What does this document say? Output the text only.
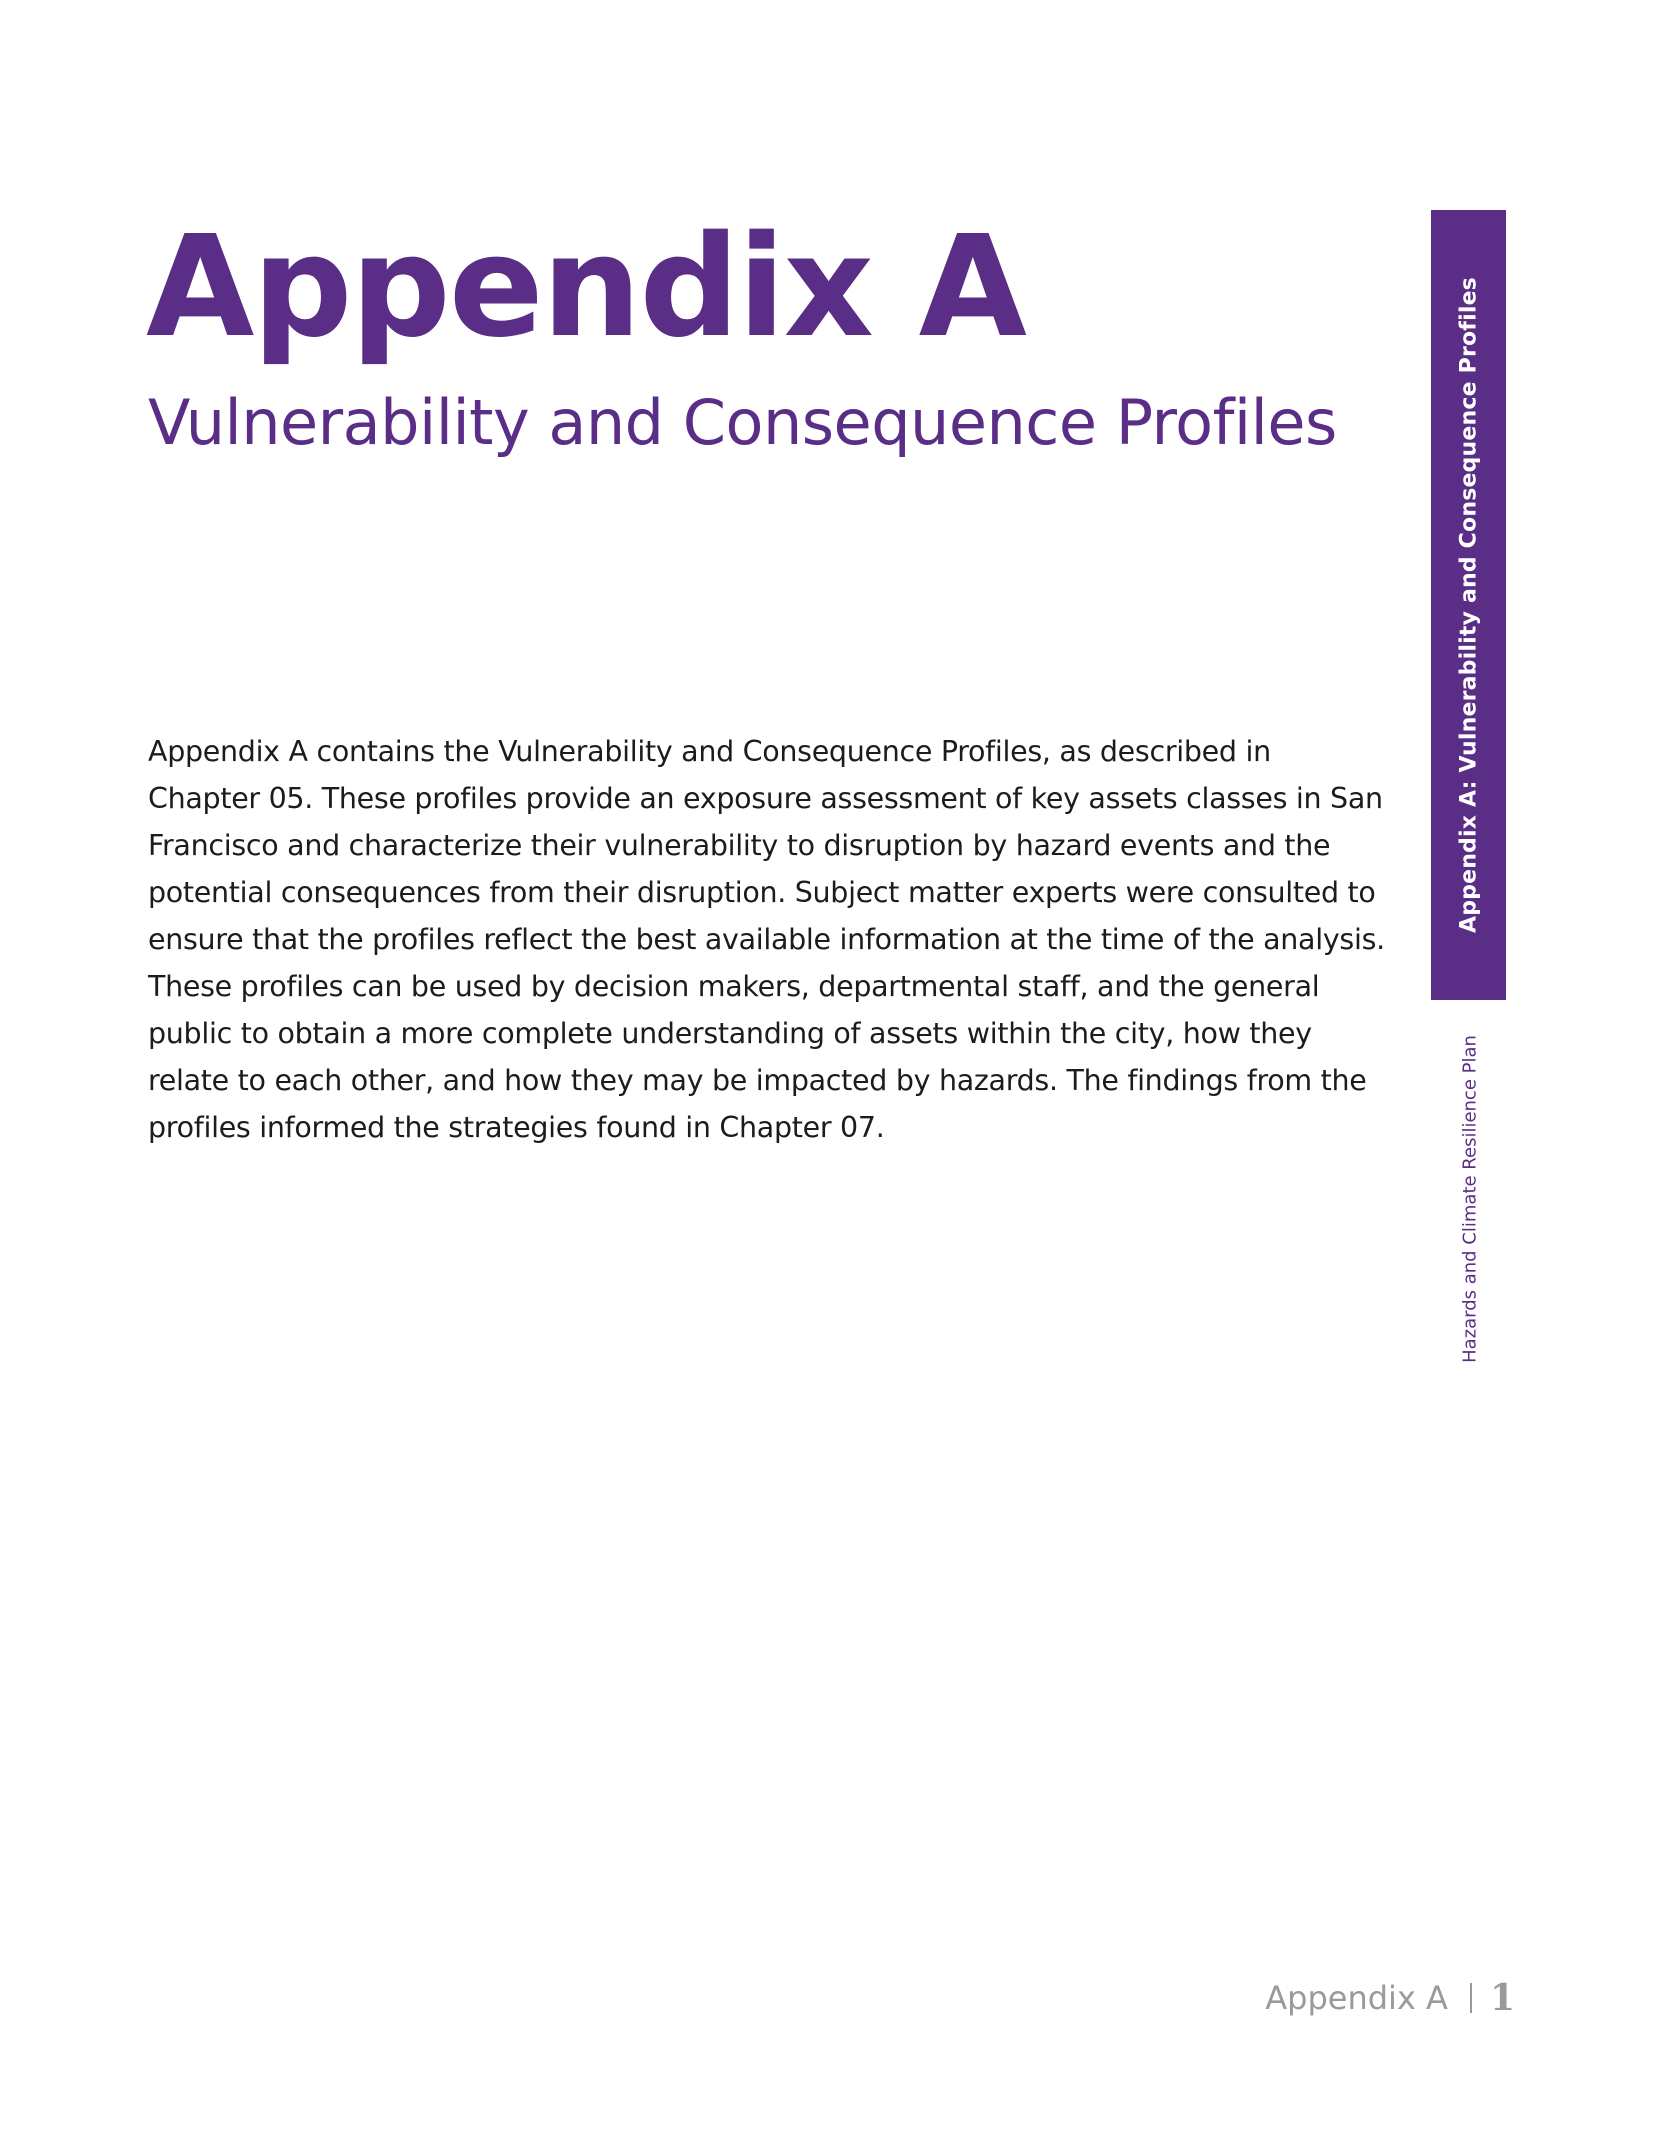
Appendix A
Vulnerability and Consequence Profiles

Appendix A contains the Vulnerability and Consequence Profiles, as described in Chapter 05. These profiles provide an exposure assessment of key assets classes in San Francisco and characterize their vulnerability to disruption by hazard events and the potential consequences from their disruption. Subject matter experts were consulted to ensure that the profiles reflect the best available information at the time of the analysis. These profiles can be used by decision makers, departmental staff, and the general public to obtain a more complete understanding of assets within the city, how they relate to each other, and how they may be impacted by hazards. The findings from the profiles informed the strategies found in Chapter 07.

Appendix A: Vulnerability and Consequence Profiles
Hazards and Climate Resilience Plan
Appendix A 1
